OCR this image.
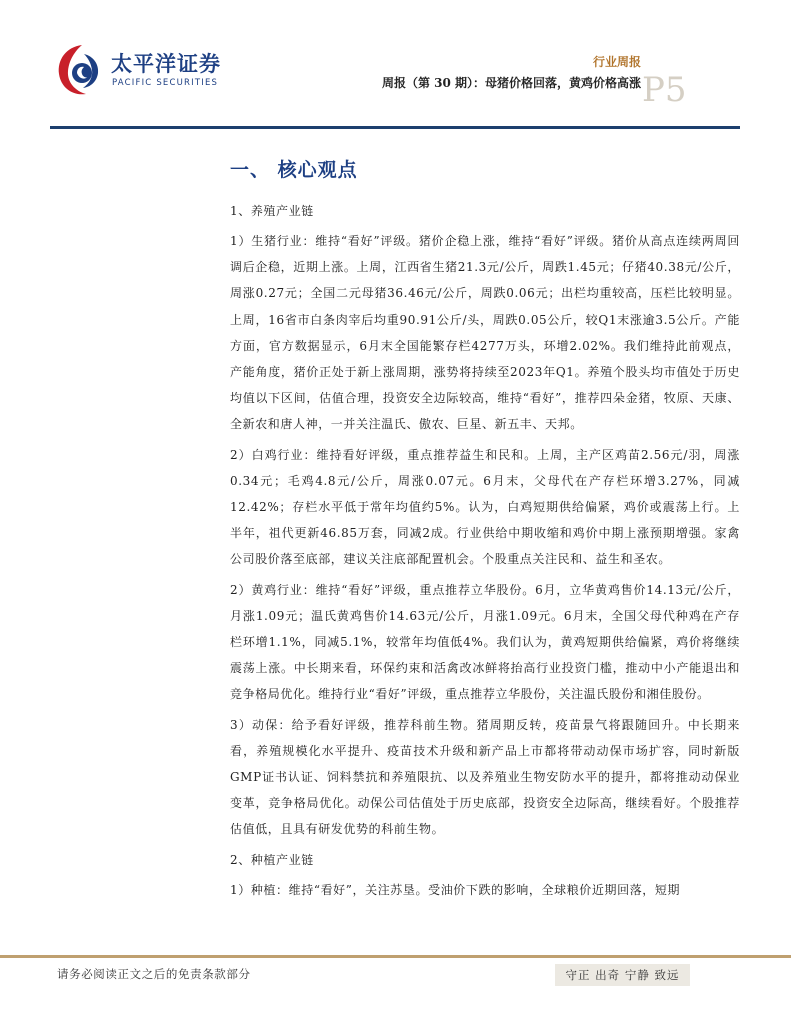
太平洋证券
PACIFIC SECURITIES
行业周报
周报（第 30 期）：母猪价格回落，黄鸡价格高涨 P5
一、 核心观点

1、养殖产业链

1）生猪行业：维持“看好”评级。猪价企稳上涨，维持“看好”评级。猪价从高点连续两周回调后企稳，近期上涨。上周，江西省生猪21.3元/公斤，周跌1.45元；仔猪40.38元/公斤，周涨0.27元；全国二元母猪36.46元/公斤，周跌0.06元；出栏均重较高，压栏比较明显。上周，16省市白条肉宰后均重90.91公斤/头，周跌0.05公斤，较Q1末涨逾3.5公斤。产能方面，官方数据显示，6月末全国能繁存栏4277万头，环增2.02%。我们维持此前观点，产能角度，猪价正处于新上涨周期，涨势将持续至2023年Q1。养殖个股头均市值处于历史均值以下区间，估值合理，投资安全边际较高，维持“看好”，推荐四朵金猪，牧原、天康、全新农和唐人神，一并关注温氏、傲农、巨星、新五丰、天邦。

2）白鸡行业：维持看好评级，重点推荐益生和民和。上周，主产区鸡苗2.56元/羽，周涨0.34元；毛鸡4.8元/公斤，周涨0.07元。6月末，父母代在产存栏环增3.27%，同减12.42%；存栏水平低于常年均值约5%。认为，白鸡短期供给偏紧，鸡价或震荡上行。上半年，祖代更新46.85万套，同减2成。行业供给中期收缩和鸡价中期上涨预期增强。家禽公司股价落至底部，建议关注底部配置机会。个股重点关注民和、益生和圣农。

2）黄鸡行业：维持“看好”评级，重点推荐立华股份。6月，立华黄鸡售价14.13元/公斤，月涨1.09元；温氏黄鸡售价14.63元/公斤，月涨1.09元。6月末，全国父母代种鸡在产存栏环增1.1%，同减5.1%，较常年均值低4%。我们认为，黄鸡短期供给偏紧，鸡价将继续震荡上涨。中长期来看，环保约束和活禽改冰鲜将抬高行业投资门槛，推动中小产能退出和竞争格局优化。维持行业“看好”评级，重点推荐立华股份，关注温氏股份和湘佳股份。

3）动保：给予看好评级，推荐科前生物。猪周期反转，疫苗景气将跟随回升。中长期来看，养殖规模化水平提升、疫苗技术升级和新产品上市都将带动动保市场扩容，同时新版GMP证书认证、饲料禁抗和养殖限抗、以及养殖业生物安防水平的提升，都将推动动保业变革，竞争格局优化。动保公司估值处于历史底部，投资安全边际高，继续看好。个股推荐估值低，且具有研发优势的科前生物。

2、种植产业链

1）种植：维持“看好”，关注苏垦。受油价下跌的影响，全球粮价近期回落，短期

请务必阅读正文之后的免责条款部分	守正 出奇 宁静 致远
